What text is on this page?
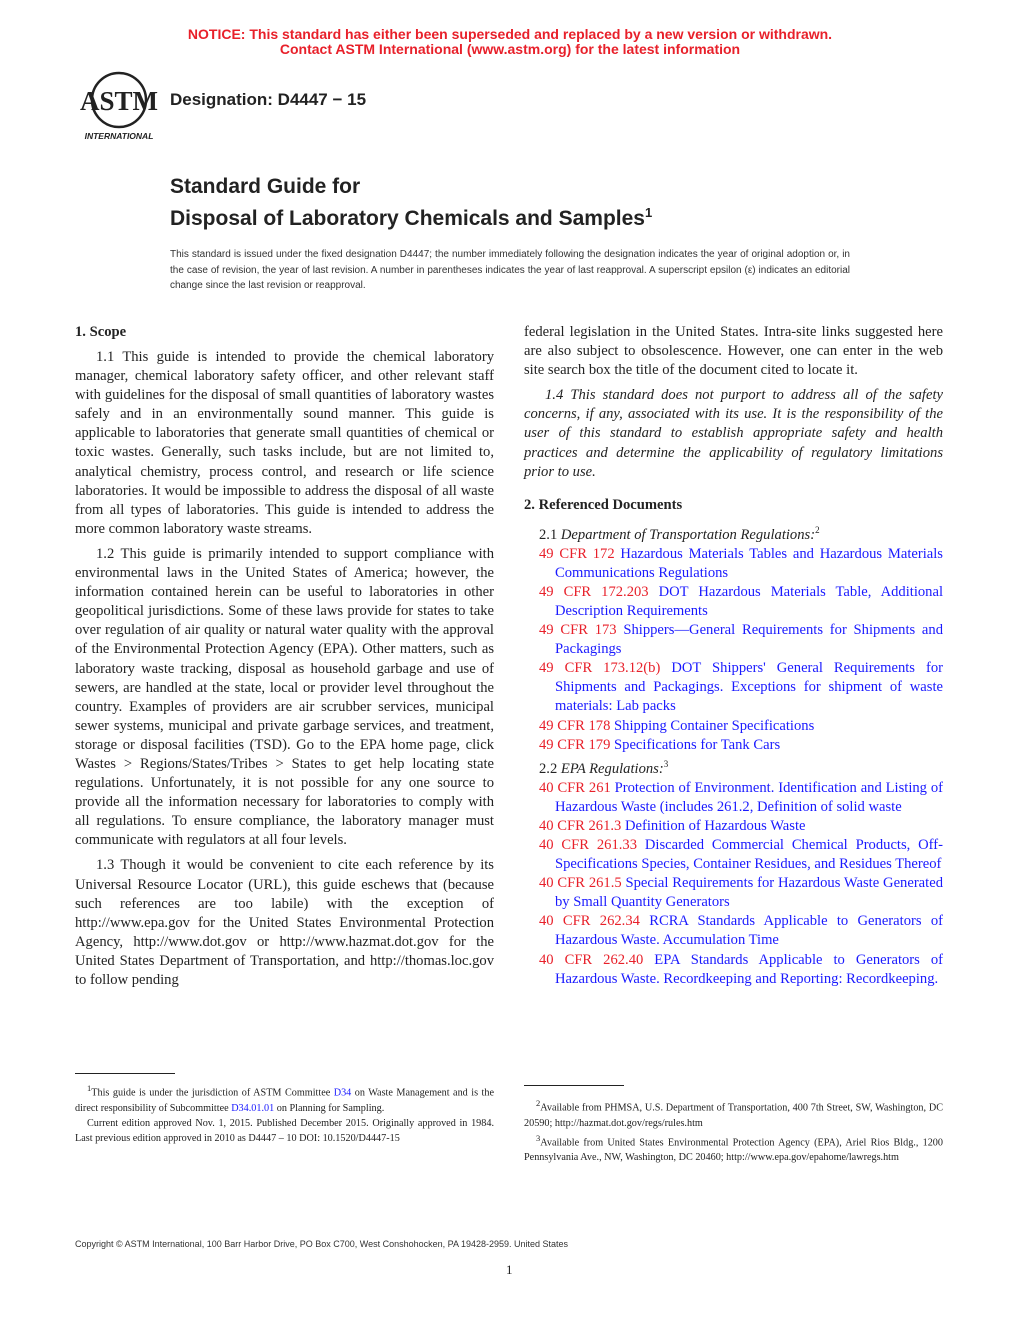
NOTICE: This standard has either been superseded and replaced by a new version or withdrawn.
Contact ASTM International (www.astm.org) for the latest information
ASTM
INTERNATIONAL
Designation: D4447 − 15
Standard Guide for
Disposal of Laboratory Chemicals and Samples$^1$
This standard is issued under the fixed designation D4447; the number immediately following the designation indicates the year of original adoption or, in the case of revision, the year of last revision. A number in parentheses indicates the year of last reapproval. A superscript epsilon (ε) indicates an editorial change since the last revision or reapproval.
1. Scope

1.1 This guide is intended to provide the chemical laboratory manager, chemical laboratory safety officer, and other relevant staff with guidelines for the disposal of small quantities of laboratory wastes safely and in an environmentally sound manner. This guide is applicable to laboratories that generate small quantities of chemical or toxic wastes. Generally, such tasks include, but are not limited to, analytical chemistry, process control, and research or life science laboratories. It would be impossible to address the disposal of all waste from all types of laboratories. This guide is intended to address the more common laboratory waste streams.

1.2 This guide is primarily intended to support compliance with environmental laws in the United States of America; however, the information contained herein can be useful to laboratories in other geopolitical jurisdictions. Some of these laws provide for states to take over regulation of air quality or natural water quality with the approval of the Environmental Protection Agency (EPA). Other matters, such as laboratory waste tracking, disposal as household garbage and use of sewers, are handled at the state, local or provider level throughout the country. Examples of providers are air scrubber services, municipal sewer systems, municipal and private garbage services, and treatment, storage or disposal facilities (TSD). Go to the EPA home page, click Wastes > Regions/States/Tribes > States to get help locating state regulations. Unfortunately, it is not possible for any one source to provide all the information necessary for laboratories to comply with all regulations. To ensure compliance, the laboratory manager must communicate with regulators at all four levels.

1.3 Though it would be convenient to cite each reference by its Universal Resource Locator (URL), this guide eschews that (because such references are too labile) with the exception of http://www.epa.gov for the United States Environmental Protection Agency, http://www.dot.gov or http://www.hazmat.dot.gov for the United States Department of Transportation, and http://thomas.loc.gov to follow pending

federal legislation in the United States. Intra-site links suggested here are also subject to obsolescence. However, one can enter in the web site search box the title of the document cited to locate it.

1.4 This standard does not purport to address all of the safety concerns, if any, associated with its use. It is the responsibility of the user of this standard to establish appropriate safety and health practices and determine the applicability of regulatory limitations prior to use.

2. Referenced Documents

2.1 Department of Transportation Regulations:$^2$

49 CFR 172 Hazardous Materials Tables and Hazardous Materials Communications Regulations

49 CFR 172.203 DOT Hazardous Materials Table, Additional Description Requirements

49 CFR 173 Shippers—General Requirements for Shipments and Packagings

49 CFR 173.12(b) DOT Shippers' General Requirements for Shipments and Packagings. Exceptions for shipment of waste materials: Lab packs

49 CFR 178 Shipping Container Specifications

49 CFR 179 Specifications for Tank Cars

2.2 EPA Regulations:$^3$

40 CFR 261 Protection of Environment. Identification and Listing of Hazardous Waste (includes 261.2, Definition of solid waste

40 CFR 261.3 Definition of Hazardous Waste

40 CFR 261.33 Discarded Commercial Chemical Products, Off-Specifications Species, Container Residues, and Residues Thereof

40 CFR 261.5 Special Requirements for Hazardous Waste Generated by Small Quantity Generators

40 CFR 262.34 RCRA Standards Applicable to Generators of Hazardous Waste. Accumulation Time

40 CFR 262.40 EPA Standards Applicable to Generators of Hazardous Waste. Recordkeeping and Reporting: Recordkeeping.

$^1$This guide is under the jurisdiction of ASTM Committee D34 on Waste Management and is the direct responsibility of Subcommittee D34.01.01 on Planning for Sampling.

Current edition approved Nov. 1, 2015. Published December 2015. Originally approved in 1984. Last previous edition approved in 2010 as D4447 – 10 DOI: 10.1520/D4447-15

$^2$Available from PHMSA, U.S. Department of Transportation, 400 7th Street, SW, Washington, DC 20590; http://hazmat.dot.gov/regs/rules.htm

$^3$Available from United States Environmental Protection Agency (EPA), Ariel Rios Bldg., 1200 Pennsylvania Ave., NW, Washington, DC 20460; http://www.epa.gov/epahome/lawregs.htm

Copyright © ASTM International, 100 Barr Harbor Drive, PO Box C700, West Conshohocken, PA 19428-2959. United States
1
